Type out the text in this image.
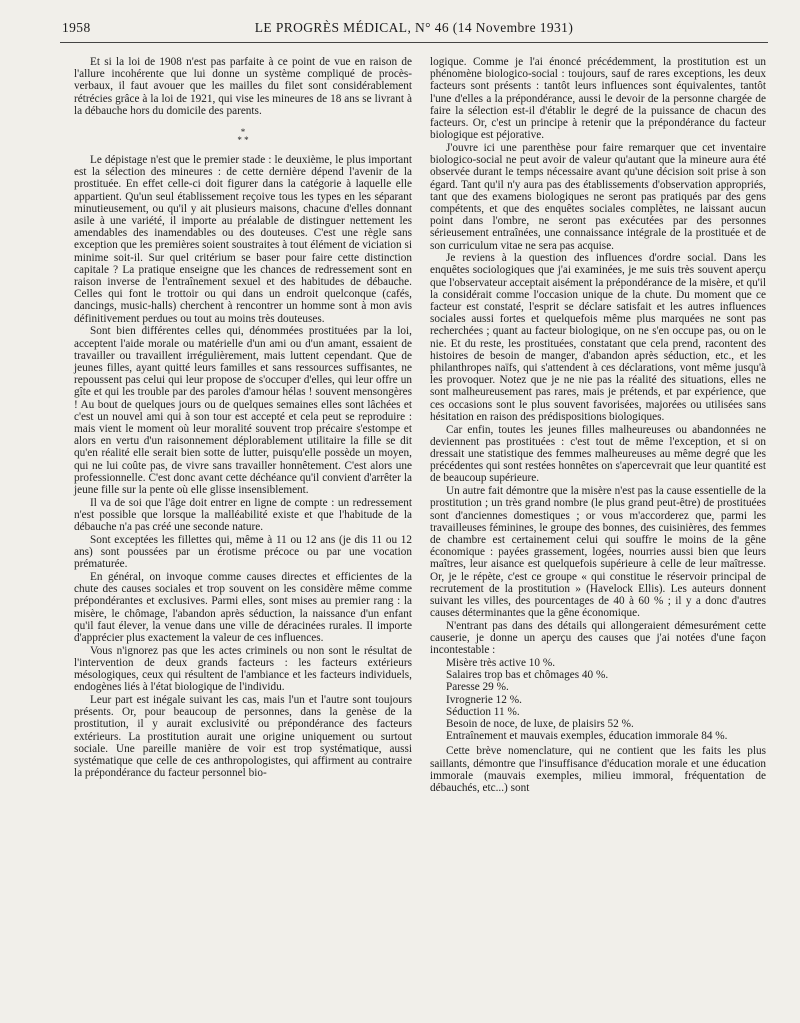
1958	LE PROGRÈS MÉDICAL, N° 46 (14 Novembre 1931)

Et si la loi de 1908 n'est pas parfaite à ce point de vue en raison de l'allure incohérente que lui donne un système compliqué de procès-verbaux, il faut avouer que les mailles du filet sont considérablement rétrécies grâce à la loi de 1921, qui vise les mineures de 18 ans se livrant à la débauche hors du domicile des parents.

*
* *

Le dépistage n'est que le premier stade : le deuxième, le plus important est la sélection des mineures : de cette dernière dépend l'avenir de la prostituée. En effet celle-ci doit figurer dans la catégorie à laquelle elle appartient. Qu'un seul établissement reçoive tous les types en les séparant minutieusement, ou qu'il y ait plusieurs maisons, chacune d'elles donnant asile à une variété, il importe au préalable de distinguer nettement les amendables des inamendables ou des douteuses. C'est une règle sans exception que les premières soient soustraites à tout élément de viciation si minime soit-il. Sur quel critérium se baser pour faire cette distinction capitale ? La pratique enseigne que les chances de redressement sont en raison inverse de l'entraînement sexuel et des habitudes de débauche. Celles qui font le trottoir ou qui dans un endroit quelconque (cafés, dancings, music-halls) cherchent à rencontrer un homme sont à mon avis définitivement perdues ou tout au moins très douteuses.

Sont bien différentes celles qui, dénommées prostituées par la loi, acceptent l'aide morale ou matérielle d'un ami ou d'un amant, essaient de travailler ou travaillent irrégulièrement, mais luttent cependant. Que de jeunes filles, ayant quitté leurs familles et sans ressources suffisantes, ne repoussent pas celui qui leur propose de s'occuper d'elles, qui leur offre un gîte et qui les trouble par des paroles d'amour hélas ! souvent mensongères ! Au bout de quelques jours ou de quelques semaines elles sont lâchées et c'est un nouvel ami qui à son tour est accepté et cela peut se reproduire : mais vient le moment où leur moralité souvent trop précaire s'estompe et alors en vertu d'un raisonnement déplorablement utilitaire la fille se dit qu'en réalité elle serait bien sotte de lutter, puisqu'elle possède un moyen, qui ne lui coûte pas, de vivre sans travailler honnêtement. C'est alors une professionnelle. C'est donc avant cette déchéance qu'il convient d'arrêter la jeune fille sur la pente où elle glisse insensiblement.

Il va de soi que l'âge doit entrer en ligne de compte : un redressement n'est possible que lorsque la malléabilité existe et que l'habitude de la débauche n'a pas créé une seconde nature.

Sont exceptées les fillettes qui, même à 11 ou 12 ans (je dis 11 ou 12 ans) sont poussées par un érotisme précoce ou par une vocation prématurée.

En général, on invoque comme causes directes et efficientes de la chute des causes sociales et trop souvent on les considère même comme prépondérantes et exclusives. Parmi elles, sont mises au premier rang : la misère, le chômage, l'abandon après séduction, la naissance d'un enfant qu'il faut élever, la venue dans une ville de déracinées rurales. Il importe d'apprécier plus exactement la valeur de ces influences.

Vous n'ignorez pas que les actes criminels ou non sont le résultat de l'intervention de deux grands facteurs : les facteurs extérieurs mésologiques, ceux qui résultent de l'ambiance et les facteurs individuels, endogènes liés à l'état biologique de l'individu.

Leur part est inégale suivant les cas, mais l'un et l'autre sont toujours présents. Or, pour beaucoup de personnes, dans la genèse de la prostitution, il y aurait exclusivité ou prépondérance des facteurs extérieurs. La prostitution aurait une origine uniquement ou surtout sociale. Une pareille manière de voir est trop systématique, aussi systématique que celle de ces anthropologistes, qui affirment au contraire la prépondérance du facteur personnel bio-

logique. Comme je l'ai énoncé précédemment, la prostitution est un phénomène biologico-social : toujours, sauf de rares exceptions, les deux facteurs sont présents : tantôt leurs influences sont équivalentes, tantôt l'une d'elles a la prépondérance, aussi le devoir de la personne chargée de faire la sélection est-il d'établir le degré de la puissance de chacun des facteurs. Or, c'est un principe à retenir que la prépondérance du facteur biologique est péjorative.

J'ouvre ici une parenthèse pour faire remarquer que cet inventaire biologico-social ne peut avoir de valeur qu'autant que la mineure aura été observée durant le temps nécessaire avant qu'une décision soit prise à son égard. Tant qu'il n'y aura pas des établissements d'observation appropriés, tant que des examens biologiques ne seront pas pratiqués par des gens compétents, et que des enquêtes sociales complètes, ne laissant aucun point dans l'ombre, ne seront pas exécutées par des personnes sérieusement entraînées, une connaissance intégrale de la prostituée et de son curriculum vitae ne sera pas acquise.

Je reviens à la question des influences d'ordre social. Dans les enquêtes sociologiques que j'ai examinées, je me suis très souvent aperçu que l'observateur acceptait aisément la prépondérance de la misère, et qu'il la considérait comme l'occasion unique de la chute. Du moment que ce facteur est constaté, l'esprit se déclare satisfait et les autres influences sociales aussi fortes et quelquefois même plus marquées ne sont pas recherchées ; quant au facteur biologique, on ne s'en occupe pas, ou on le nie. Et du reste, les prostituées, constatant que cela prend, racontent des histoires de besoin de manger, d'abandon après séduction, etc., et les philanthropes naïfs, qui s'attendent à ces déclarations, vont même jusqu'à les provoquer. Notez que je ne nie pas la réalité des situations, elles ne sont malheureusement pas rares, mais je prétends, et par expérience, que ces occasions sont le plus souvent favorisées, majorées ou utilisées sans hésitation en raison des prédispositions biologiques.

Car enfin, toutes les jeunes filles malheureuses ou abandonnées ne deviennent pas prostituées : c'est tout de même l'exception, et si on dressait une statistique des femmes malheureuses au même degré que les précédentes qui sont restées honnêtes on s'apercevrait que leur quantité est de beaucoup supérieure.

Un autre fait démontre que la misère n'est pas la cause essentielle de la prostitution ; un très grand nombre (le plus grand peut-être) de prostituées sont d'anciennes domestiques ; or vous m'accorderez que, parmi les travailleuses féminines, le groupe des bonnes, des cuisinières, des femmes de chambre est certainement celui qui souffre le moins de la gêne économique : payées grassement, logées, nourries aussi bien que leurs maîtres, leur aisance est quelquefois supérieure à celle de leur maîtresse. Or, je le répète, c'est ce groupe « qui constitue le réservoir principal de recrutement de la prostitution » (Havelock Ellis). Les auteurs donnent suivant les villes, des pourcentages de 40 à 60 % ; il y a donc d'autres causes déterminantes que la gêne économique.

N'entrant pas dans des détails qui allongeraient démesurément cette causerie, je donne un aperçu des causes que j'ai notées d'une façon incontestable :

Misère très active 10 %.
Salaires trop bas et chômages 40 %.
Paresse 29 %.
Ivrognerie 12 %.
Séduction 11 %.
Besoin de noce, de luxe, de plaisirs 52 %.
Entraînement et mauvais exemples, éducation immorale 84 %.

Cette brève nomenclature, qui ne contient que les faits les plus saillants, démontre que l'insuffisance d'éducation morale et une éducation immorale (mauvais exemples, milieu immoral, fréquentation de débauchés, etc...) sont
